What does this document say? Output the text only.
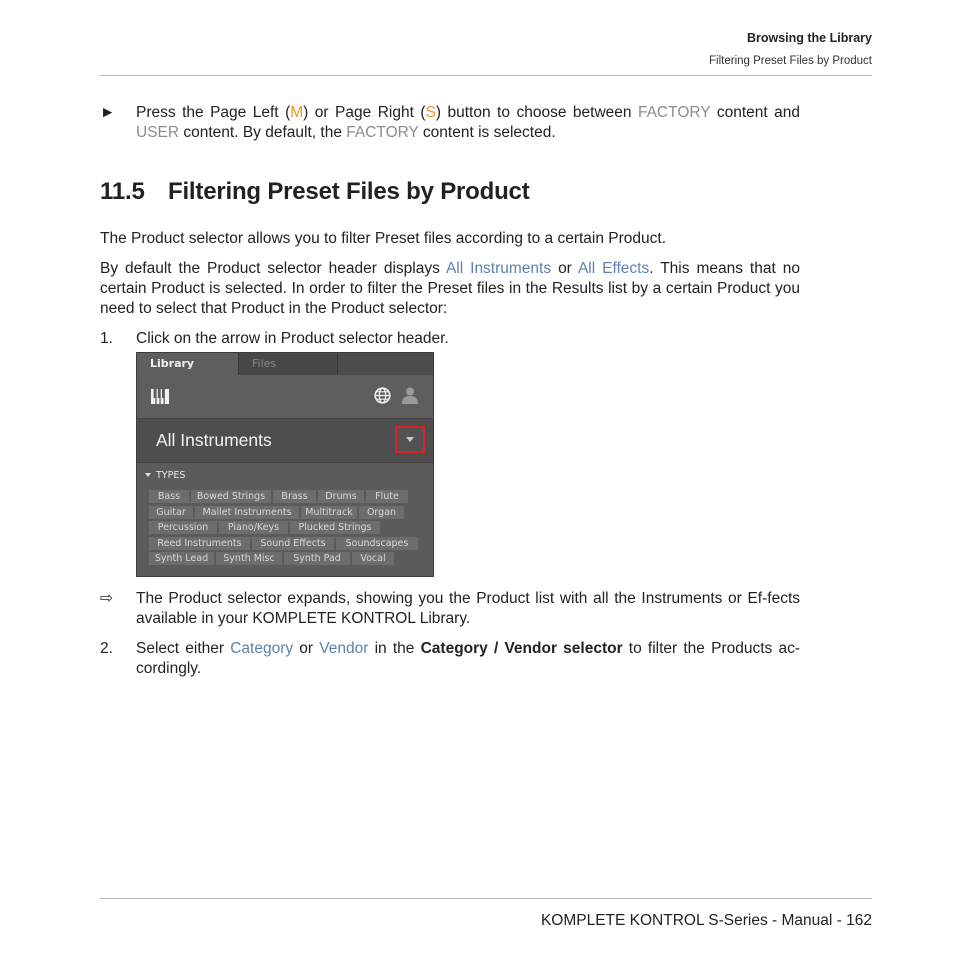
Browsing the Library
Filtering Preset Files by Product
► Press the Page Left (M) or Page Right (S) button to choose between FACTORY content and USER content. By default, the FACTORY content is selected.
11.5 Filtering Preset Files by Product
The Product selector allows you to filter Preset files according to a certain Product.
By default the Product selector header displays All Instruments or All Effects. This means that no certain Product is selected. In order to filter the Preset files in the Results list by a certain Product you need to select that Product in the Product selector:
1. Click on the arrow in Product selector header.
Library	Files
All Instruments
TYPES
Bass	Bowed Strings	Brass	Drums	Flute
Guitar	Mallet Instruments	Multitrack	Organ
Percussion	Piano/Keys	Plucked Strings
Reed Instruments	Sound Effects	Soundscapes
Synth Lead	Synth Misc	Synth Pad	Vocal
⇨ The Product selector expands, showing you the Product list with all the Instruments or Ef-fects available in your KOMPLETE KONTROL Library.
2. Select either Category or Vendor in the Category / Vendor selector to filter the Products ac-cordingly.
KOMPLETE KONTROL S-Series - Manual - 162
